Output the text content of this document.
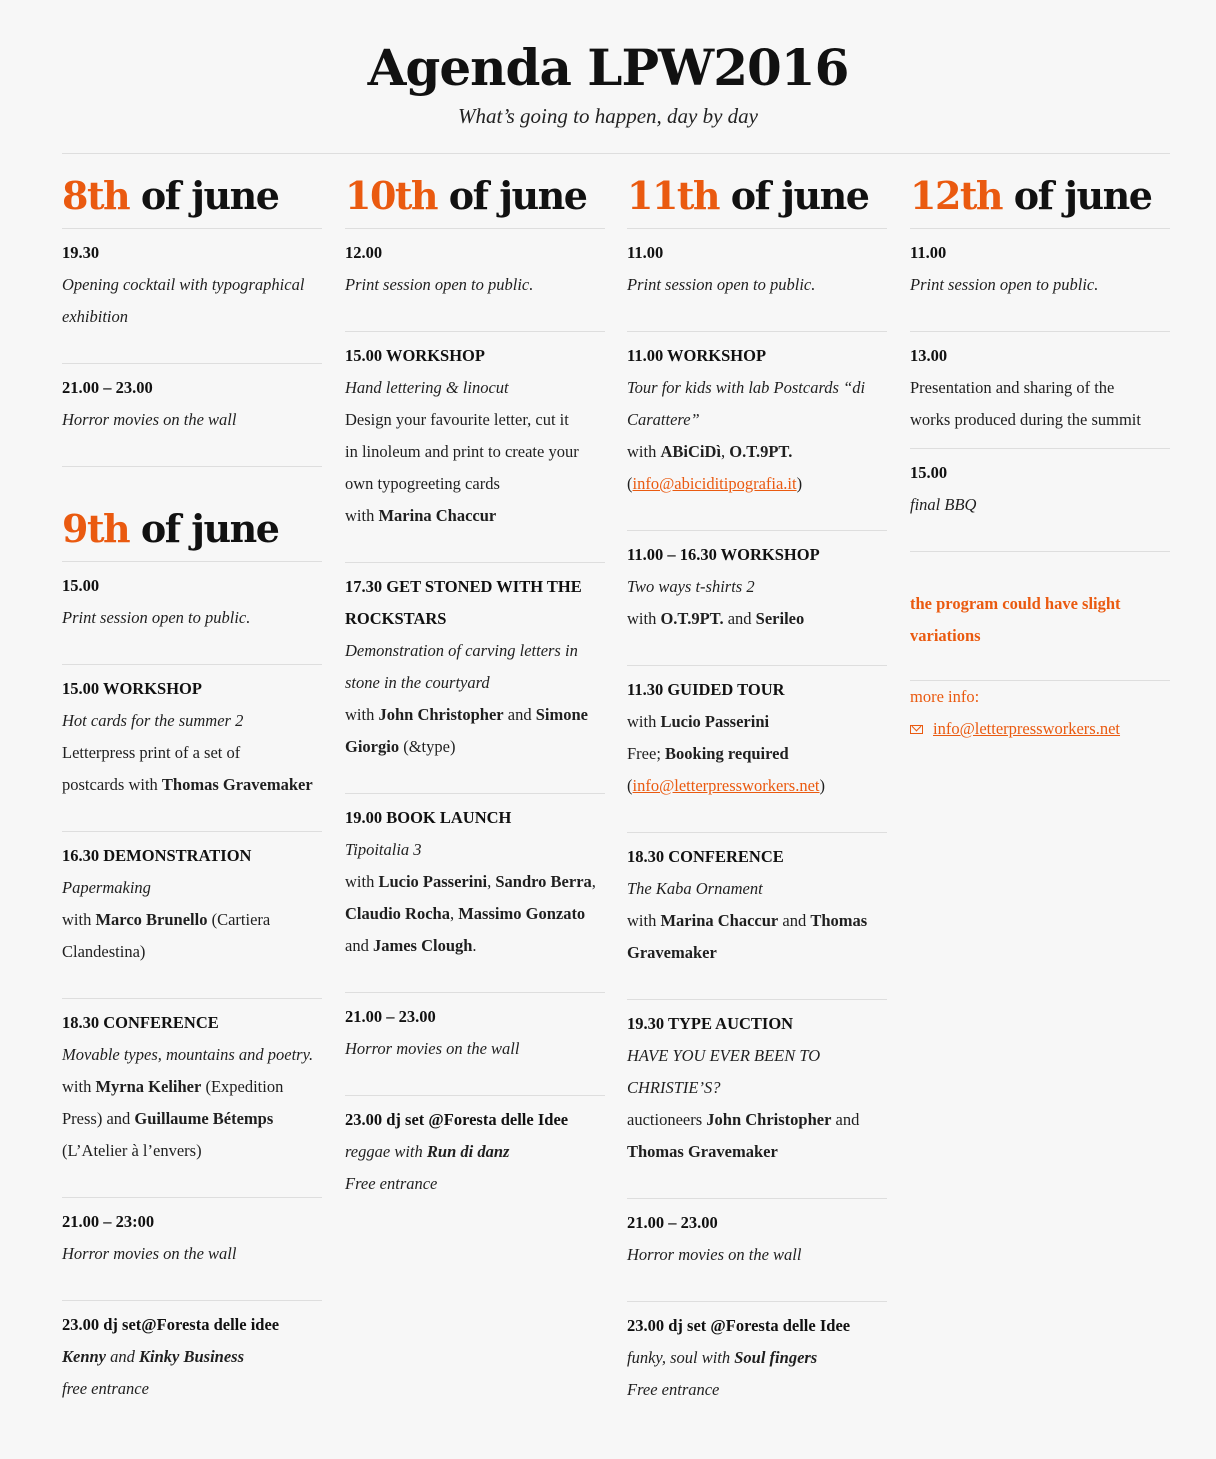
Agenda LPW2016
What’s going to happen, day by day
8th of june
19.30
Opening cocktail with typographical
exhibition
21.00 – 23.00
Horror movies on the wall
9th of june
15.00
Print session open to public.
15.00 WORKSHOP
Hot cards for the summer 2
Letterpress print of a set of
postcards with Thomas Gravemaker
16.30 DEMONSTRATION
Papermaking
with Marco Brunello (Cartiera
Clandestina)
18.30 CONFERENCE
Movable types, mountains and poetry.
with Myrna Keliher (Expedition
Press) and Guillaume Bétemps
(L’Atelier à l’envers)
21.00 – 23:00
Horror movies on the wall
23.00 dj set@Foresta delle idee
Kenny and Kinky Business
free entrance
10th of june
12.00
Print session open to public.
15.00 WORKSHOP
Hand lettering & linocut
Design your favourite letter, cut it
in linoleum and print to create your
own typogreeting cards
with Marina Chaccur
17.30 GET STONED WITH THE
ROCKSTARS
Demonstration of carving letters in
stone in the courtyard
with John Christopher and Simone
Giorgio (&type)
19.00 BOOK LAUNCH
Tipoitalia 3
with Lucio Passerini, Sandro Berra,
Claudio Rocha, Massimo Gonzato
and James Clough.
21.00 – 23.00
Horror movies on the wall
23.00 dj set @Foresta delle Idee
reggae with Run di danz
Free entrance
11th of june
11.00
Print session open to public.
11.00 WORKSHOP
Tour for kids with lab Postcards “di
Carattere”
with ABiCiDì, O.T.9PT.
(info@abiciditipografia.it)
11.00 – 16.30 WORKSHOP
Two ways t-shirts 2
with O.T.9PT. and Serileo
11.30 GUIDED TOUR
with Lucio Passerini
Free; Booking required
(info@letterpressworkers.net)
18.30 CONFERENCE
The Kaba Ornament
with Marina Chaccur and Thomas
Gravemaker
19.30 TYPE AUCTION
HAVE YOU EVER BEEN TO
CHRISTIE’S?
auctioneers John Christopher and
Thomas Gravemaker
21.00 – 23.00
Horror movies on the wall
23.00 dj set @Foresta delle Idee
funky, soul with Soul fingers
Free entrance
12th of june
11.00
Print session open to public.
13.00
Presentation and sharing of the
works produced during the summit
15.00
final BBQ
the program could have slight
variations
more info:
info@letterpressworkers.net
